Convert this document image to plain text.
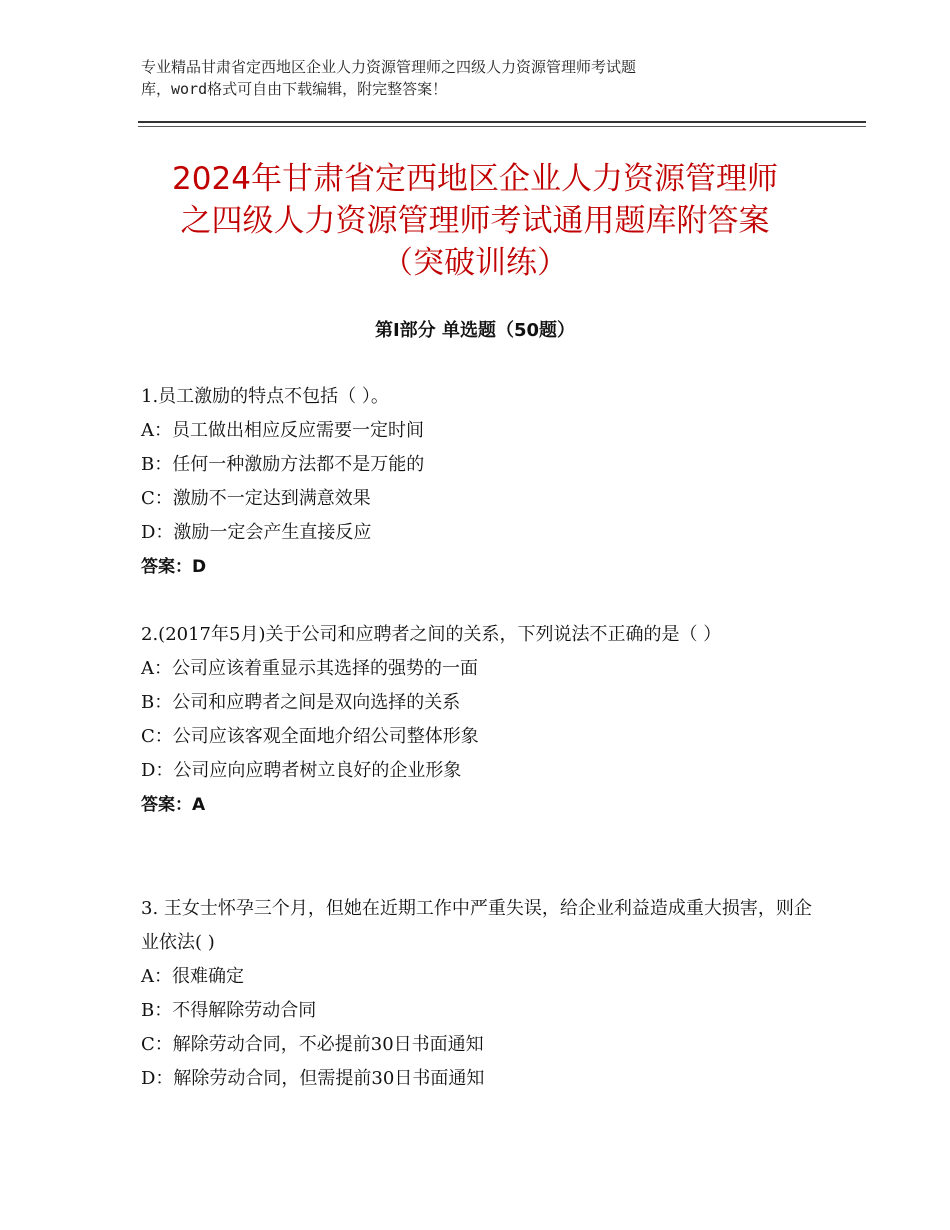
专业精品甘肃省定西地区企业人力资源管理师之四级人力资源管理师考试题
库，word格式可自由下载编辑，附完整答案！
2024年甘肃省定西地区企业人力资源管理师
之四级人力资源管理师考试通用题库附答案
（突破训练）
第Ⅰ部分 单选题（50题）
1.员工激励的特点不包括（ ）。
A：员工做出相应反应需要一定时间
B：任何一种激励方法都不是万能的
C：激励不一定达到满意效果
D：激励一定会产生直接反应
答案：D
2.(2017年5月)关于公司和应聘者之间的关系，下列说法不正确的是（ ）
A：公司应该着重显示其选择的强势的一面
B：公司和应聘者之间是双向选择的关系
C：公司应该客观全面地介绍公司整体形象
D：公司应向应聘者树立良好的企业形象
答案：A
3. 王女士怀孕三个月，但她在近期工作中严重失误，给企业利益造成重大损害，则企业依法( )
A：很难确定
B：不得解除劳动合同
C：解除劳动合同，不必提前30日书面通知
D：解除劳动合同，但需提前30日书面通知
